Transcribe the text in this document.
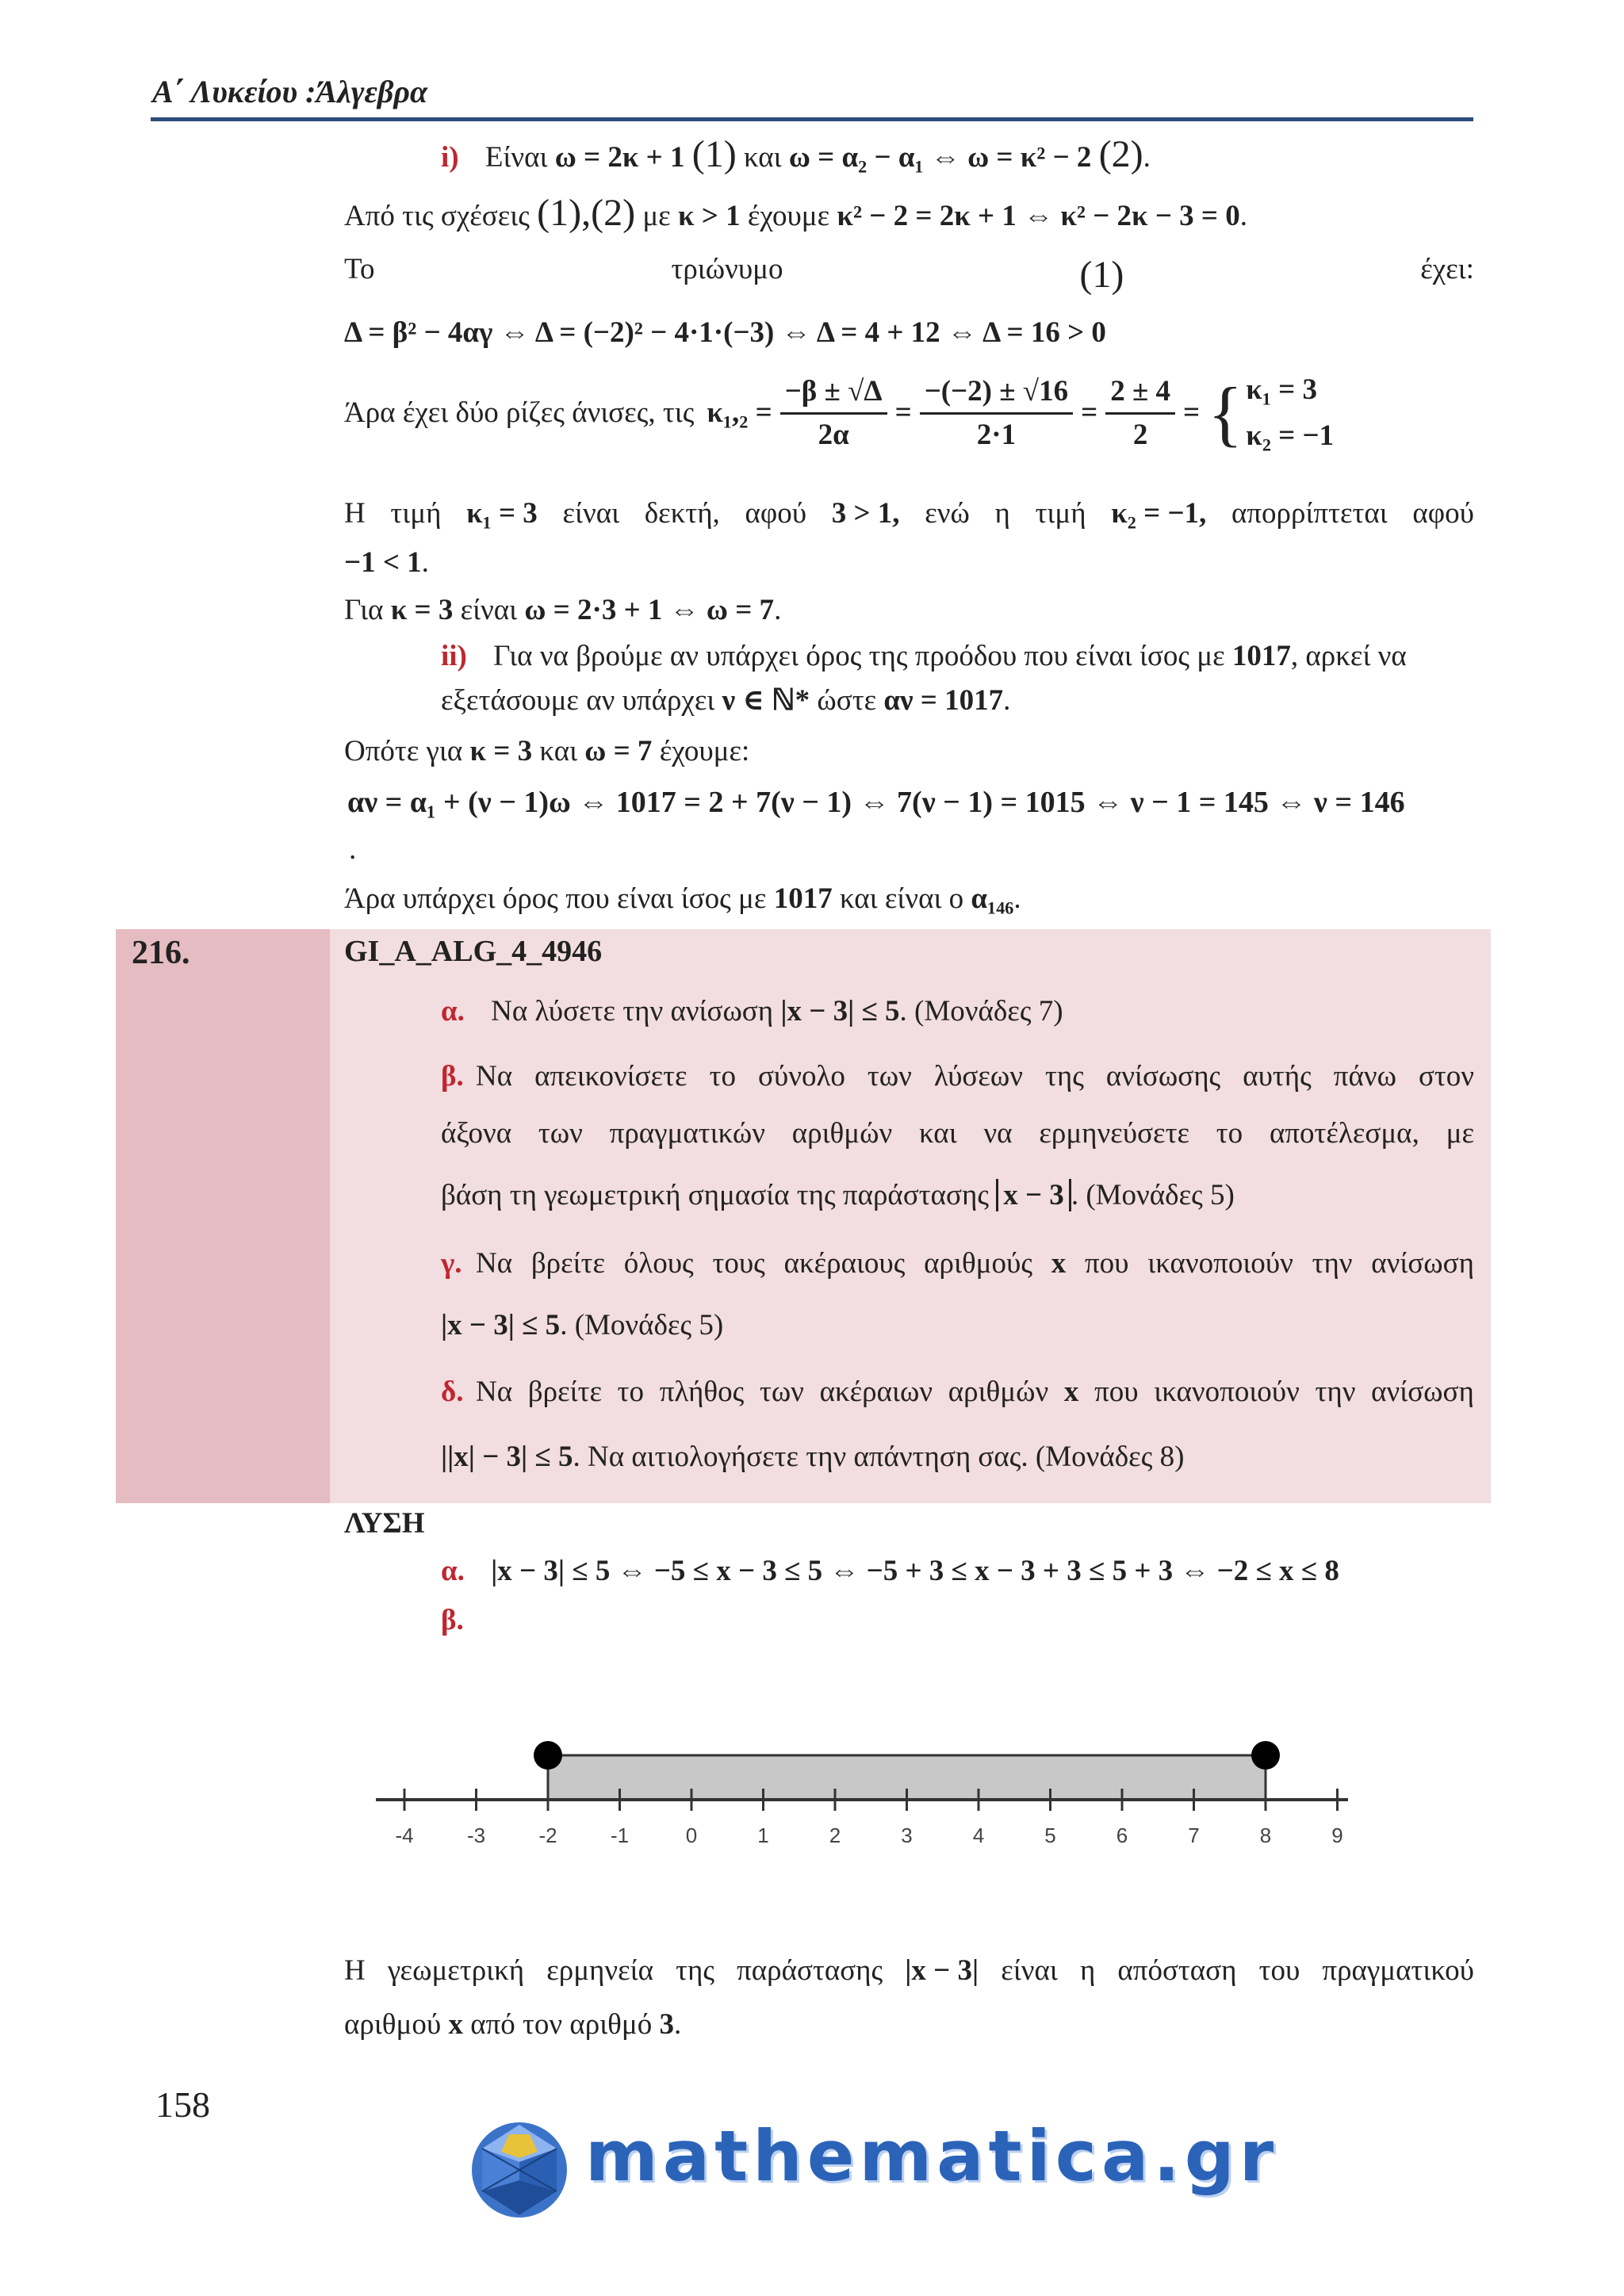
Α΄ Λυκείου :Άλγεβρα
i) Είναι ω = 2κ + 1 (1) και ω = α₂ − α₁ ⇔ ω = κ² − 2 (2).
Από τις σχέσεις (1),(2) με κ > 1 έχουμε κ² − 2 = 2κ + 1 ⇔ κ² − 2κ − 3 = 0.
Το	τριώνυμο	(1)	έχει:
Δ = β² − 4αγ ⇔ Δ = (−2)² − 4·1·(−3) ⇔ Δ = 4 + 12 ⇔ Δ = 16 > 0
Άρα έχει δύο ρίζες άνισες, τις $\kappa_1,_2 = \frac{-\beta \pm √\Delta}{2\alpha} = \frac{-(-2) \pm √16}{2\cdot 1} = \frac{2 \pm 4}{2}$ = { κ₁ = 3
κ₂ = −1
Η τιμή κ₁ = 3 είναι δεκτή, αφού 3 > 1, ενώ η τιμή κ₂ = −1, απορρίπτεται αφού
−1 < 1.
Για κ = 3 είναι ω = 2·3 + 1 ⇔ ω = 7.
ii) Για να βρούμε αν υπάρχει όρος της προόδου που είναι ίσος με 1017, αρκεί να
εξετάσουμε αν υπάρχει ν ∈ ℕ* ώστε αν = 1017.
Οπότε για κ = 3 και ω = 7 έχουμε:
αν = α₁ + (ν − 1)ω ⇔ 1017 = 2 + 7(ν − 1) ⇔ 7(ν − 1) = 1015 ⇔ ν − 1 = 145 ⇔ ν = 146
.
Άρα υπάρχει όρος που είναι ίσος με 1017 και είναι ο α₁₄₆.
216.	GI_A_ALG_4_4946
α. Να λύσετε την ανίσωση |x − 3| ≤ 5. (Μονάδες 7)
β. Να απεικονίσετε το σύνολο των λύσεων της ανίσωσης αυτής πάνω στον
άξονα των πραγματικών αριθμών και να ερμηνεύσετε το αποτέλεσμα, με
βάση τη γεωμετρική σημασία της παράστασης x − 3 . (Μονάδες 5)
γ. Να βρείτε όλους τους ακέραιους αριθμούς x που ικανοποιούν την ανίσωση
|x − 3| ≤ 5. (Μονάδες 5)
δ. Να βρείτε το πλήθος των ακέραιων αριθμών x που ικανοποιούν την ανίσωση
||x| − 3| ≤ 5. Να αιτιολογήσετε την απάντηση σας. (Μονάδες 8)
ΛΥΣΗ
α. |x − 3| ≤ 5 ⇔ −5 ≤ x − 3 ≤ 5 ⇔ −5 + 3 ≤ x − 3 + 3 ≤ 5 + 3 ⇔ −2 ≤ x ≤ 8
β.
-4	-3	-2	-1	0	1	2	3	4	5	6	7	8	9
Η γεωμετρική ερμηνεία της παράστασης |x − 3| είναι η απόσταση του πραγματικού
αριθμού x από τον αριθμό 3.
158
mathematica.gr
